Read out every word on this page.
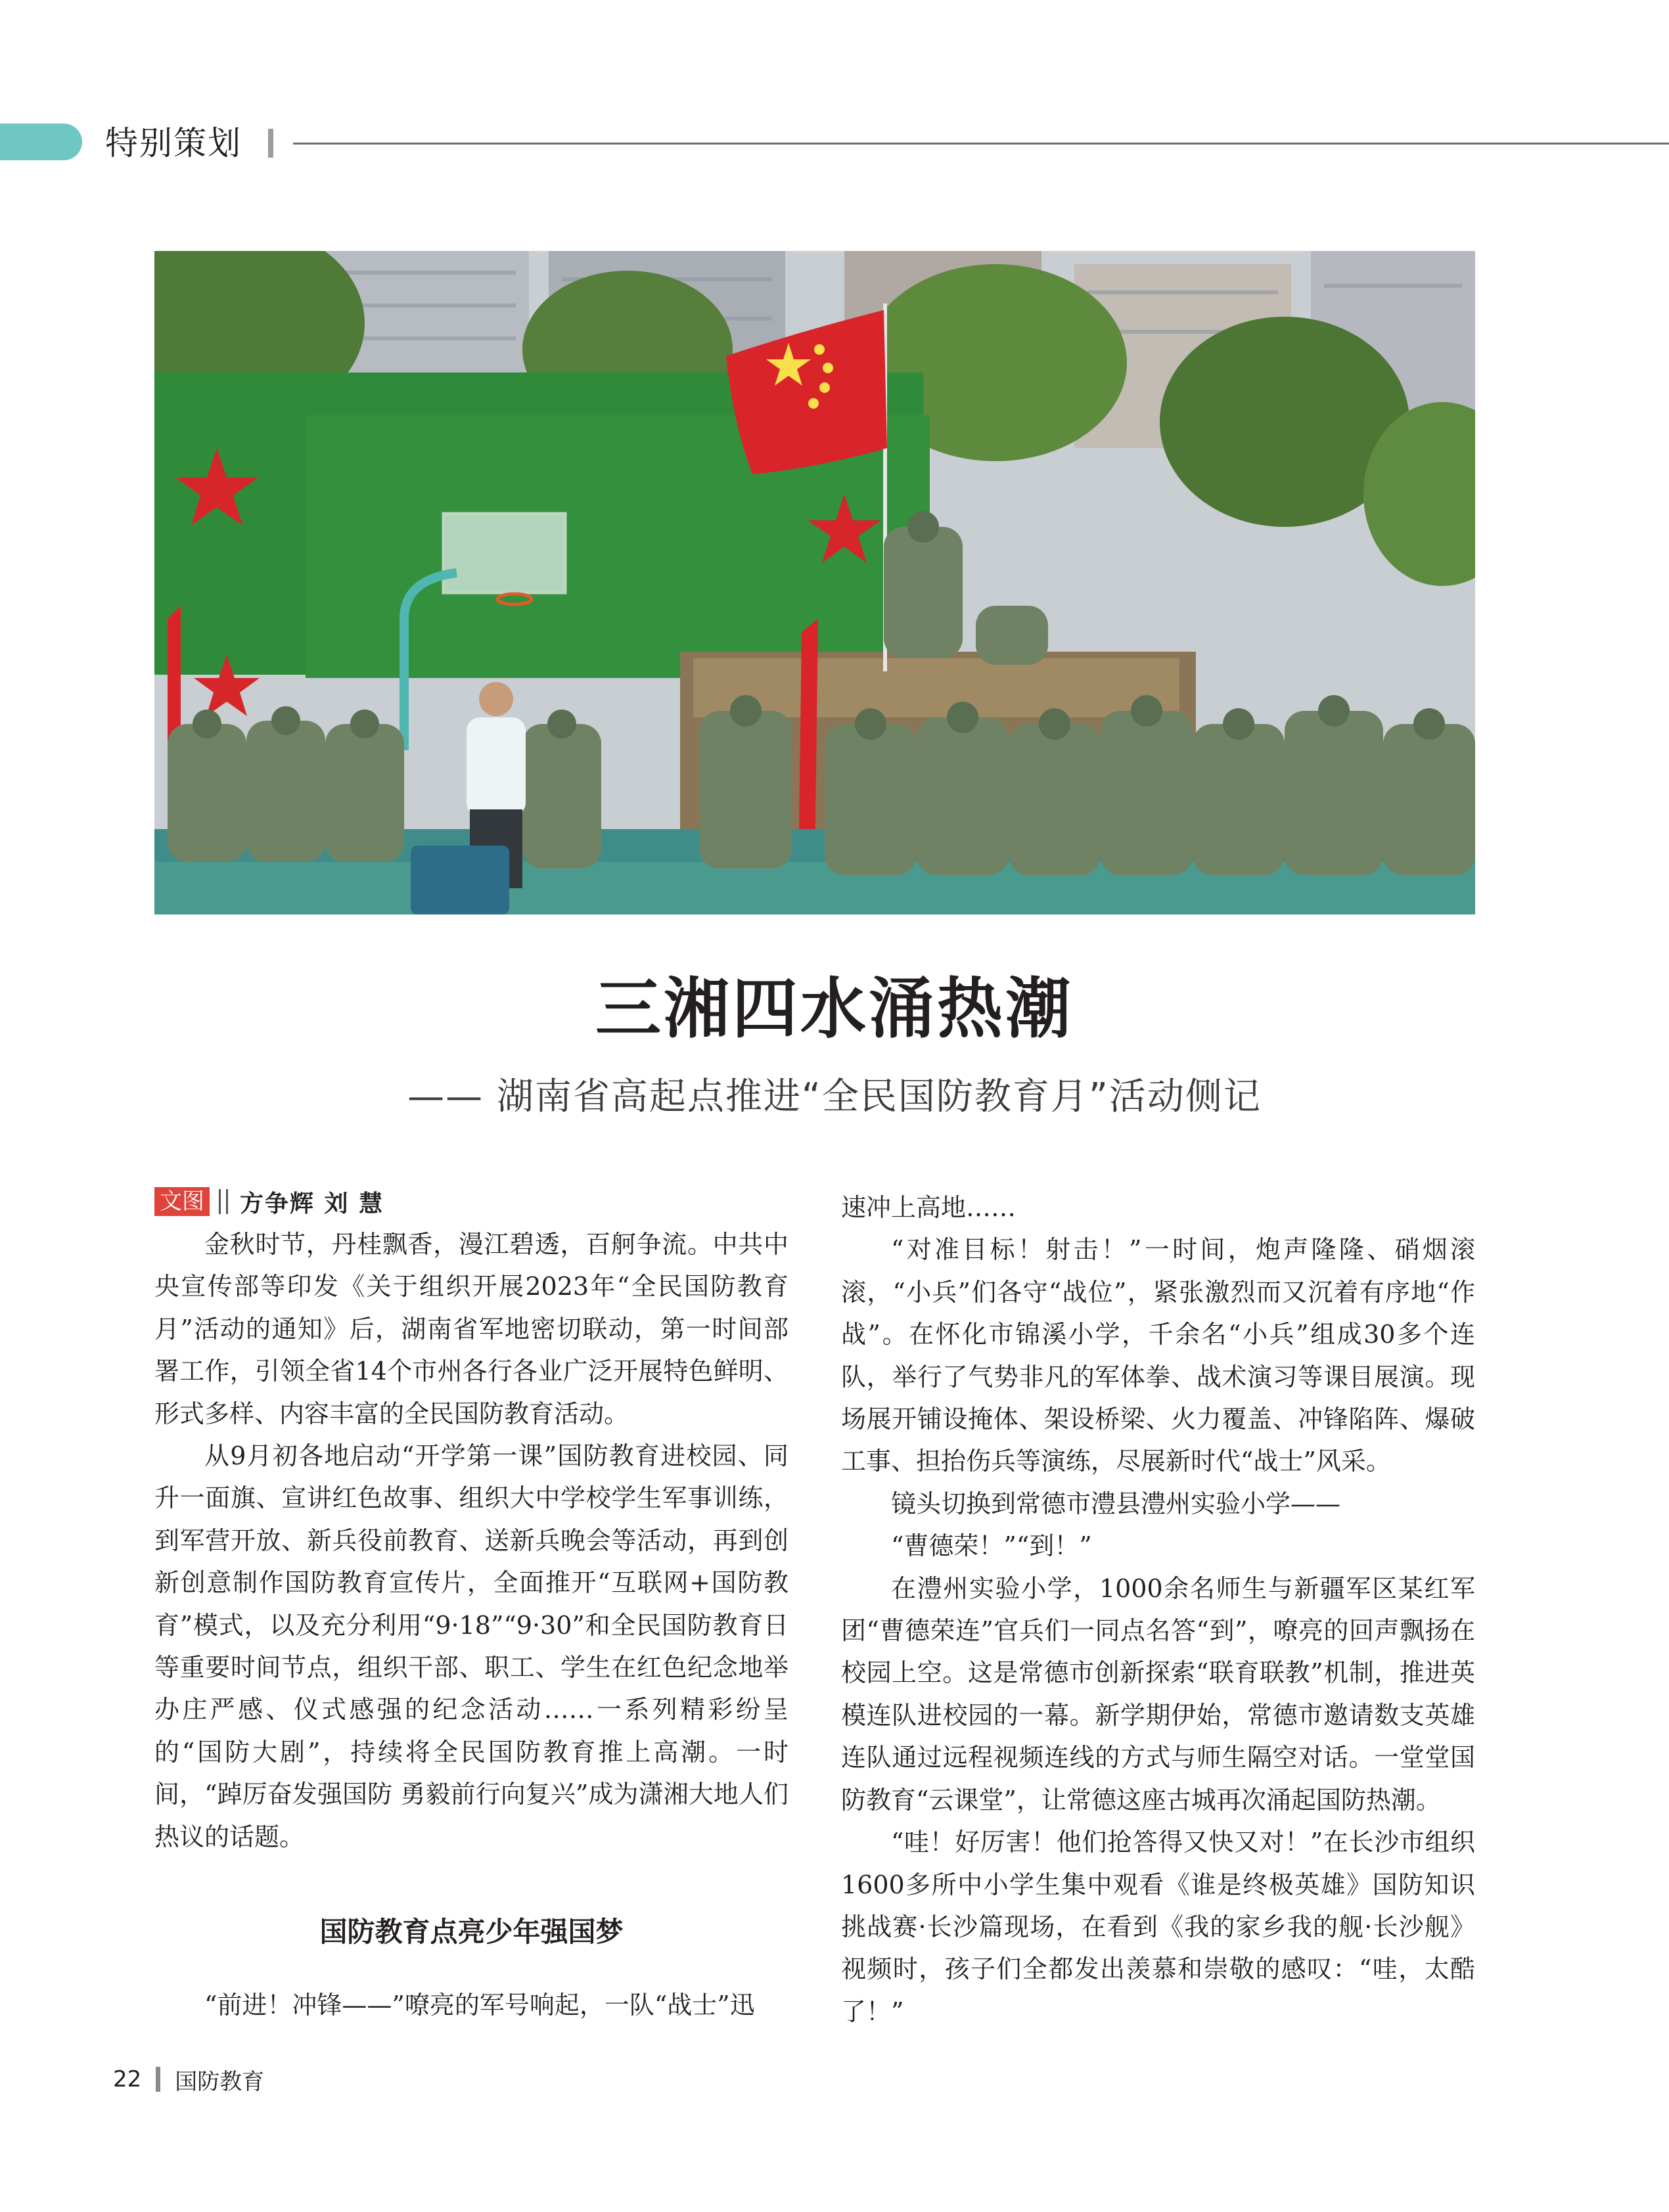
特别策划
三湘四水涌热潮
—— 湖南省高起点推进“全民国防教育月”活动侧记
文图 方争辉 刘 慧

金秋时节，丹桂飘香，漫江碧透，百舸争流。中共中央宣传部等印发《关于组织开展2023年“全民国防教育月”活动的通知》后，湖南省军地密切联动，第一时间部署工作，引领全省14个市州各行各业广泛开展特色鲜明、形式多样、内容丰富的全民国防教育活动。

从9月初各地启动“开学第一课”国防教育进校园、同升一面旗、宣讲红色故事、组织大中学校学生军事训练，到军营开放、新兵役前教育、送新兵晚会等活动，再到创新创意制作国防教育宣传片，全面推开“互联网+国防教育”模式，以及充分利用“9·18”“9·30”和全民国防教育日等重要时间节点，组织干部、职工、学生在红色纪念地举办庄严感、仪式感强的纪念活动……一系列精彩纷呈的“国防大剧”，持续将全民国防教育推上高潮。一时间，“踔厉奋发强国防 勇毅前行向复兴”成为潇湘大地人们热议的话题。

国防教育点亮少年强国梦

“前进！冲锋——”嘹亮的军号响起，一队“战士”迅

速冲上高地……

“对准目标！射击！”一时间，炮声隆隆、硝烟滚滚，“小兵”们各守“战位”，紧张激烈而又沉着有序地“作战”。在怀化市锦溪小学，千余名“小兵”组成30多个连队，举行了气势非凡的军体拳、战术演习等课目展演。现场展开铺设掩体、架设桥梁、火力覆盖、冲锋陷阵、爆破工事、担抬伤兵等演练，尽展新时代“战士”风采。

镜头切换到常德市澧县澧州实验小学——

“曹德荣！”“到！”

在澧州实验小学，1000余名师生与新疆军区某红军团“曹德荣连”官兵们一同点名答“到”，嘹亮的回声飘扬在校园上空。这是常德市创新探索“联育联教”机制，推进英模连队进校园的一幕。新学期伊始，常德市邀请数支英雄连队通过远程视频连线的方式与师生隔空对话。一堂堂国防教育“云课堂”，让常德这座古城再次涌起国防热潮。

“哇！好厉害！他们抢答得又快又对！”在长沙市组织1600多所中小学生集中观看《谁是终极英雄》国防知识挑战赛·长沙篇现场，在看到《我的家乡我的舰·长沙舰》视频时，孩子们全都发出羡慕和崇敬的感叹：“哇，太酷了！”

22 国防教育
